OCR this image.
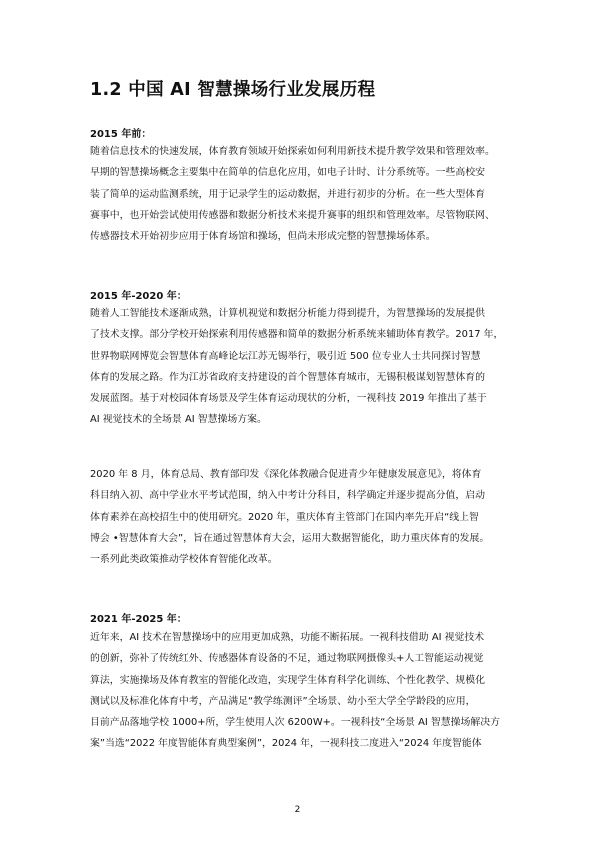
1.2 中国 AI 智慧操场行业发展历程

2015 年前：

随着信息技术的快速发展，体育教育领域开始探索如何利用新技术提升教学效果和管理效率。
早期的智慧操场概念主要集中在简单的信息化应用，如电子计时、计分系统等。一些高校安
装了简单的运动监测系统，用于记录学生的运动数据，并进行初步的分析。在一些大型体育
赛事中，也开始尝试使用传感器和数据分析技术来提升赛事的组织和管理效率。尽管物联网、
传感器技术开始初步应用于体育场馆和操场，但尚未形成完整的智慧操场体系。

2015 年-2020 年：

随着人工智能技术逐渐成熟，计算机视觉和数据分析能力得到提升，为智慧操场的发展提供
了技术支撑。部分学校开始探索利用传感器和简单的数据分析系统来辅助体育教学。2017 年，
世界物联网博览会智慧体育高峰论坛江苏无锡举行，吸引近 500 位专业人士共同探讨智慧
体育的发展之路。作为江苏省政府支持建设的首个智慧体育城市，无锡积极谋划智慧体育的
发展蓝图。基于对校园体育场景及学生体育运动现状的分析，一视科技 2019 年推出了基于
AI 视觉技术的全场景 AI 智慧操场方案。
2020 年 8 月，体育总局、教育部印发《深化体教融合促进青少年健康发展意见》，将体育
科目纳入初、高中学业水平考试范围，纳入中考计分科目，科学确定并逐步提高分值，启动
体育素养在高校招生中的使用研究。2020 年，重庆体育主管部门在国内率先开启“线上智
博会 •智慧体育大会”，旨在通过智慧体育大会，运用大数据智能化，助力重庆体育的发展。
一系列此类政策推动学校体育智能化改革。

2021 年-2025 年：

近年来，AI 技术在智慧操场中的应用更加成熟，功能不断拓展。一视科技借助 AI 视觉技术
的创新，弥补了传统红外、传感器体育设备的不足，通过物联网摄像头+人工智能运动视觉
算法，实施操场及体育教室的智能化改造，实现学生体育科学化训练、个性化教学、规模化
测试以及标准化体育中考，产品满足“教学练测评”全场景、幼小至大学全学龄段的应用，
目前产品落地学校 1000+所，学生使用人次 6200W+。一视科技“全场景 AI 智慧操场解决方
案”当选“2022 年度智能体育典型案例”，2024 年，一视科技二度进入“2024 年度智能体
2
